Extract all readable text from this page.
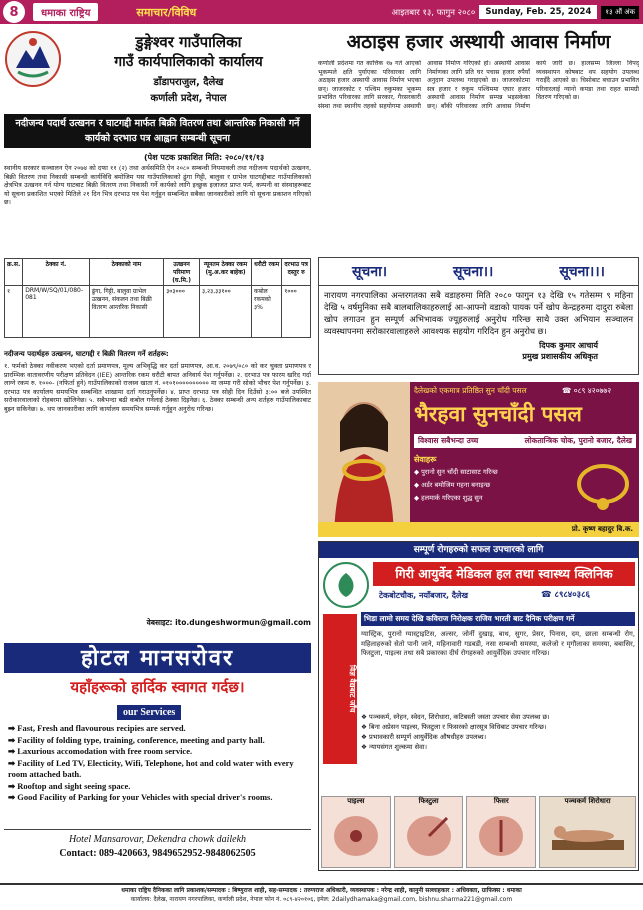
8	धमाका राष्ट्रिय	समाचार/विविध	आइतबार १३, फागुन २०८०	Sunday, Feb. 25, 2024	१३ औं अंक
डुङ्गेश्वर गाउँपालिका
गाउँ कार्यपालिकाको कार्यालय
डाँडापराजुल, दैलेख
कर्णाली प्रदेश, नेपाल
नदीजन्य पदार्थ उत्खनन र घाटगद्दी मार्फत बिक्री वितरण तथा आन्तरिक निकासी गर्ने कार्यको दरभाउ पत्र आह्वान सम्बन्धी सूचना
(पेश पटक प्रकाशित मिति: २०८०/११/१३
स्थानीय सरकार सञ्चालन ऐन २०७४ को दफा ११ (२) तथा अर्थसमिति ऐन २०८० सम्बन्धी नियमावली तथा नदीजन्य पदार्थको उत्खनन, बिक्री वितरण तथा निकासी सम्बन्धी कार्यविधि बमोजिम यस गाउँपालिकाको ढुंगा गिट्टी, बालुवा र ग्राभेल घाटगद्दीबाट गाउँपालिकाको क्षेत्रभित्र उत्खनन गर्न योग्य घाटबाट बिक्री वितरण तथा निकासी गर्ने कार्यको लागि इच्छुक इजाजत प्राप्त फर्म, कम्पनी वा संस्थाहरूबाट यो सूचना प्रकाशित भएको मितिले २१ दिन भित्र दरभाउ पत्र पेश गर्नुहुन सम्बन्धित सबैका जानकारीको लागि यो सूचना प्रकाशन गरिएको छ।
क्र.स.	ठेक्का नं.	ठेक्काको नाम	उत्खनन परिमाण (घ.मि.)	न्यूनतम ठेक्का रकम (मु.अ.कर बाहेक)	धरौटी रकम	दरभाउ पत्र दस्तुर रु
१	DRM/W/SQ/01/080-081	ढुंगा, गिट्टी, बालुवा ग्राभेल उत्खनन, संकलन तथा बिक्री वितरण आन्तरिक निकासी	३०३०००	३,२३,३३१००	कबोल रकमको ३%	१०००
नदीजन्य पदार्थहरु उत्खनन, घाटगद्दी र बिक्री वितरण गर्ने शर्तहरू:
१. फर्मको ठेक्का नवीकरण भएको दर्ता प्रमाणपत्र, मूल्य अभिवृद्धि कर दर्ता प्रमाणपत्र, आ.व. २०७९/०८० को कर चुक्ता प्रमाणपत्र र प्रारम्भिक वातावरणीय परीक्षण प्रतिवेदन (IEE) आन्तरिक रकम धरौटी बापत अनिवार्य पेश गर्नुपर्नेछ। २. दरभाउ पत्र फारम खरिद गर्दा लाग्ने रकम रु. १०००- (नफिर्ता हुने) गाउँपालिकाको राजस्व खाता नं. ०१०१०००००००००० मा जम्मा गरी सोको भौचर पेश गर्नुपर्नेछ। ३. दरभाउ पत्र कार्यालय समयभित्र सम्बन्धित शाखामा दर्ता गराउनुपर्नेछ। ४. प्राप्त दरभाउ पत्र सोही दिन दिउँसो ३:०० बजे उपस्थित सरोकारवालाको रोहबरमा खोलिनेछ। ५. सबैभन्दा बढी कबोल गर्नेलाई ठेक्का दिइनेछ। ६. ठेक्का सम्बन्धी अन्य शर्तहरु गाउँपालिकाबाट बुझ्न सकिनेछ। ७. थप जानकारीका लागि कार्यालय समयभित्र सम्पर्क गर्नुहुन अनुरोध गरिन्छ।
वेबसाइट: ito.dungeshwormun@gmail.com
होटल मानसरोवर
यहाँहरूको हार्दिक स्वागत गर्दछ।
our Services
➡ Fast, Fresh and flavourous recipies are served.
➡ Facility of folding type, training, conference, meeting and party hall.
➡ Laxurious accomodation with free room service.
➡ Facility of Led TV, Electicity, Wifi, Telephone, hot and cold water with every room attached bath.
➡ Rooftop and sight seeing space.
➡ Good Facility of Parking for your Vehicles with special driver's rooms.
Hotel Mansarovar, Dekendra chowk dailekh
Contact: 089-420663, 9849652952-9848062505
अठाइस हजार अस्थायी आवास निर्माण
कर्णाली प्रदेशमा गत कात्तिक १७ गते आएको भूकम्पले क्षति पुर्याएका परिवारका लागि अठाइस हजार अस्थायी आवास निर्माण भएका छन्। जाजरकोट र पश्चिम रुकुमका भूकम्प प्रभावित परिवारका लागि सरकार, गैरसरकारी संस्था तथा स्थानीय तहको सहयोगमा अस्थायी आवास निर्माण गरिएको हो। अस्थायी आवास निर्माणका लागि प्रति घर पचास हजार रुपैयाँ अनुदान उपलब्ध गराइएको छ। जाजरकोटमा सत्र हजार र रुकुम पश्चिममा एघार हजार अस्थायी आवास निर्माण सम्पन्न भइसकेका छन्। बाँकी परिवारका लागि आवास निर्माण कार्य जारी छ। हालसम्म जिल्ला विपद् व्यवस्थापन कोषबाट थप सहयोग उपलब्ध गराइँदै आएको छ। चिसोबाट बचाउन प्रभावित परिवारलाई न्यानो कपडा तथा राहत सामग्री वितरण गरिएको छ।
सूचना।	सूचना।।	सूचना।।।
नारायण नगरपालिका अन्तरगतका सबै वडाहरुमा मिति २०८० फागुन १३ देखि १५ गतेसम्म ९ महिना देखि ५ वर्षमुनिका सबै बालबालिकाहरुलाई आ-आफ्नो वडाको पायक पर्ने खोप केन्द्रहरुमा दादुरा रुबेला खोप लगाउन हुन सम्पूर्ण अभिभावक ज्यूहरुलाई अनुरोध गरिन्छ साथै उक्त अभियान सञ्चालन व्यवस्थापनमा सरोकारवालाहरुले आवश्यक सहयोग गरिदिन हुन अनुरोध छ।
दिपक कुमार आचार्य
प्रमुख प्रशासकीय अधिकृत
दैलेखको एकमात्र प्रतिष्ठित सुन चाँदी पसल	☎ ०८९ ४२०७७२
भैरहवा सुनचाँदी पसल
विश्वास सबैभन्दा उच्च	लोकतान्त्रिक चोक, पुरानो बजार, दैलेख
सेवाहरू
◆ पुरानो सुन चाँदी साटासाट गरिन्छ
◆ अर्डर बमोजिम गहना बनाइन्छ
◆ हलमार्क गरिएका शुद्ध सुन
प्रो. कृष्ण बहादुर बि.क.
सम्पूर्ण रोगहरुको सफल उपचारको लागि
गिरी आयुर्वेद मेडिकल हल तथा स्वास्थ्य क्लिनिक
टेकबोटचौक, नयाँबजार, दैलेख	☎ ८९८४०३८६
विज्ञ वैद्यबाट जाँच
भिडा लामो समय देखि कविराज निरोक्षक राजिव भारती बाट दैनिक परीक्षण गर्ने
ग्यास्ट्रिक, पुरानो ग्यास्ट्राइटिस, अल्सर, जोर्नी दुखाइ, बाथ, सुगर, प्रेसर, पिनास, दम, छाला सम्बन्धी रोग, महिलाहरुको सेतो पानी जाने, महिनावारी गडबडी, नसा सम्बन्धी समस्या, कलेजो र मृगौलाका समस्या, बबासिर, फिस्टुला, पाइल्स तथा सबै प्रकारका दीर्घ रोगहरुको आयुर्वेदिक उपचार गरिन्छ।
❖ पञ्चकर्म, स्नेहन, स्वेदन, शिरोधारा, कटिबस्ती जस्ता उपचार सेवा उपलब्ध छ।
❖ बिना अप्रेसन पाइल्स, फिस्टुला र फिसरको क्षारसूत्र विधिबाट उपचार गरिन्छ।
❖ प्रभावकारी सम्पूर्ण आयुर्वेदिक औषधीहरु उपलब्ध।
❖ न्यायसंगत शुल्कमा सेवा।
पाइल्स	फिस्टुला	फिसर	पञ्चकर्म शिरोधारा
धमाका राष्ट्रिय दैनिकका लागि प्रकाशक/सम्पादक : बिष्णुराज शाही, सह-सम्पादक : तरुणराज अधिकारी, व्यवस्थापक : नरेन्द्र शाही, कानुनी सल्लाहकार : अधिवक्ता, ग्राफिक्स : धमाका
कार्यालय: दैलेख, नारायण नगरपालिका, कर्णाली प्रदेश, नेपाल फोन नं. ०८९-४२०१०६, इमेल: 2dailydhamaka@gmail.com, bishnu.sharma221@gmail.com
